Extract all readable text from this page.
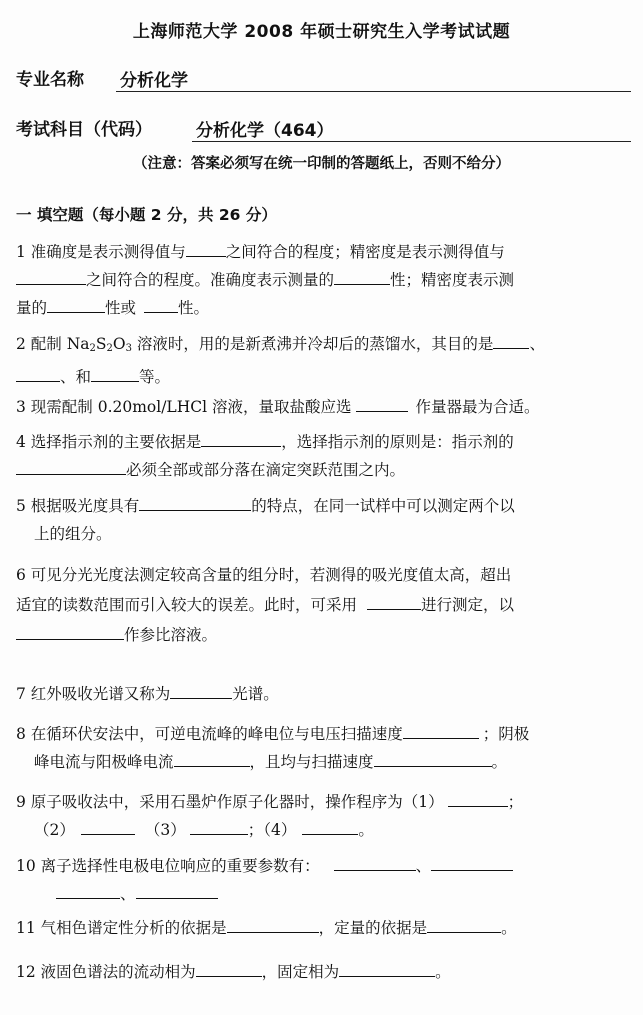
上海师范大学 2008 年硕士研究生入学考试试题
专业名称 分析化学
考试科目（代码）	分析化学（464）
（注意：答案必须写在统一印制的答题纸上，否则不给分）
一 填空题（每小题 2 分，共 26 分）
1 准确度是表示测得值与	之间符合的程度；精密度是表示测得值与
之间符合的程度。准确度表示测量的	性；精密度表示测
量的	性或	性。
2 配制 $Na_2S_2O_3$ 溶液时，用的是新煮沸并冷却后的蒸馏水，其目的是 、
、和	等。
3 现需配制 0.20mol/LHCl 溶液，量取盐酸应选	作量器最为合适。
4 选择指示剂的主要依据是	，选择指示剂的原则是：指示剂的
必须全部或部分落在滴定突跃范围之内。
5 根据吸光度具有	的特点，在同一试样中可以测定两个以
上的组分。
6 可见分光光度法测定较高含量的组分时，若测得的吸光度值太高，超出
适宜的读数范围而引入较大的误差。此时，可采用	进行测定，以
作参比溶液。
7 红外吸收光谱又称为	光谱。
8 在循环伏安法中，可逆电流峰的峰电位与电压扫描速度	；阴极
峰电流与阳极峰电流	，且均与扫描速度	。
9 原子吸收法中，采用石墨炉作原子化器时，操作程序为（1）	；
（2）	（3）	；（4）	。
10 离子选择性电极电位响应的重要参数有：	、
、
11 气相色谱定性分析的依据是	，定量的依据是	。
12 液固色谱法的流动相为	，固定相为	。
